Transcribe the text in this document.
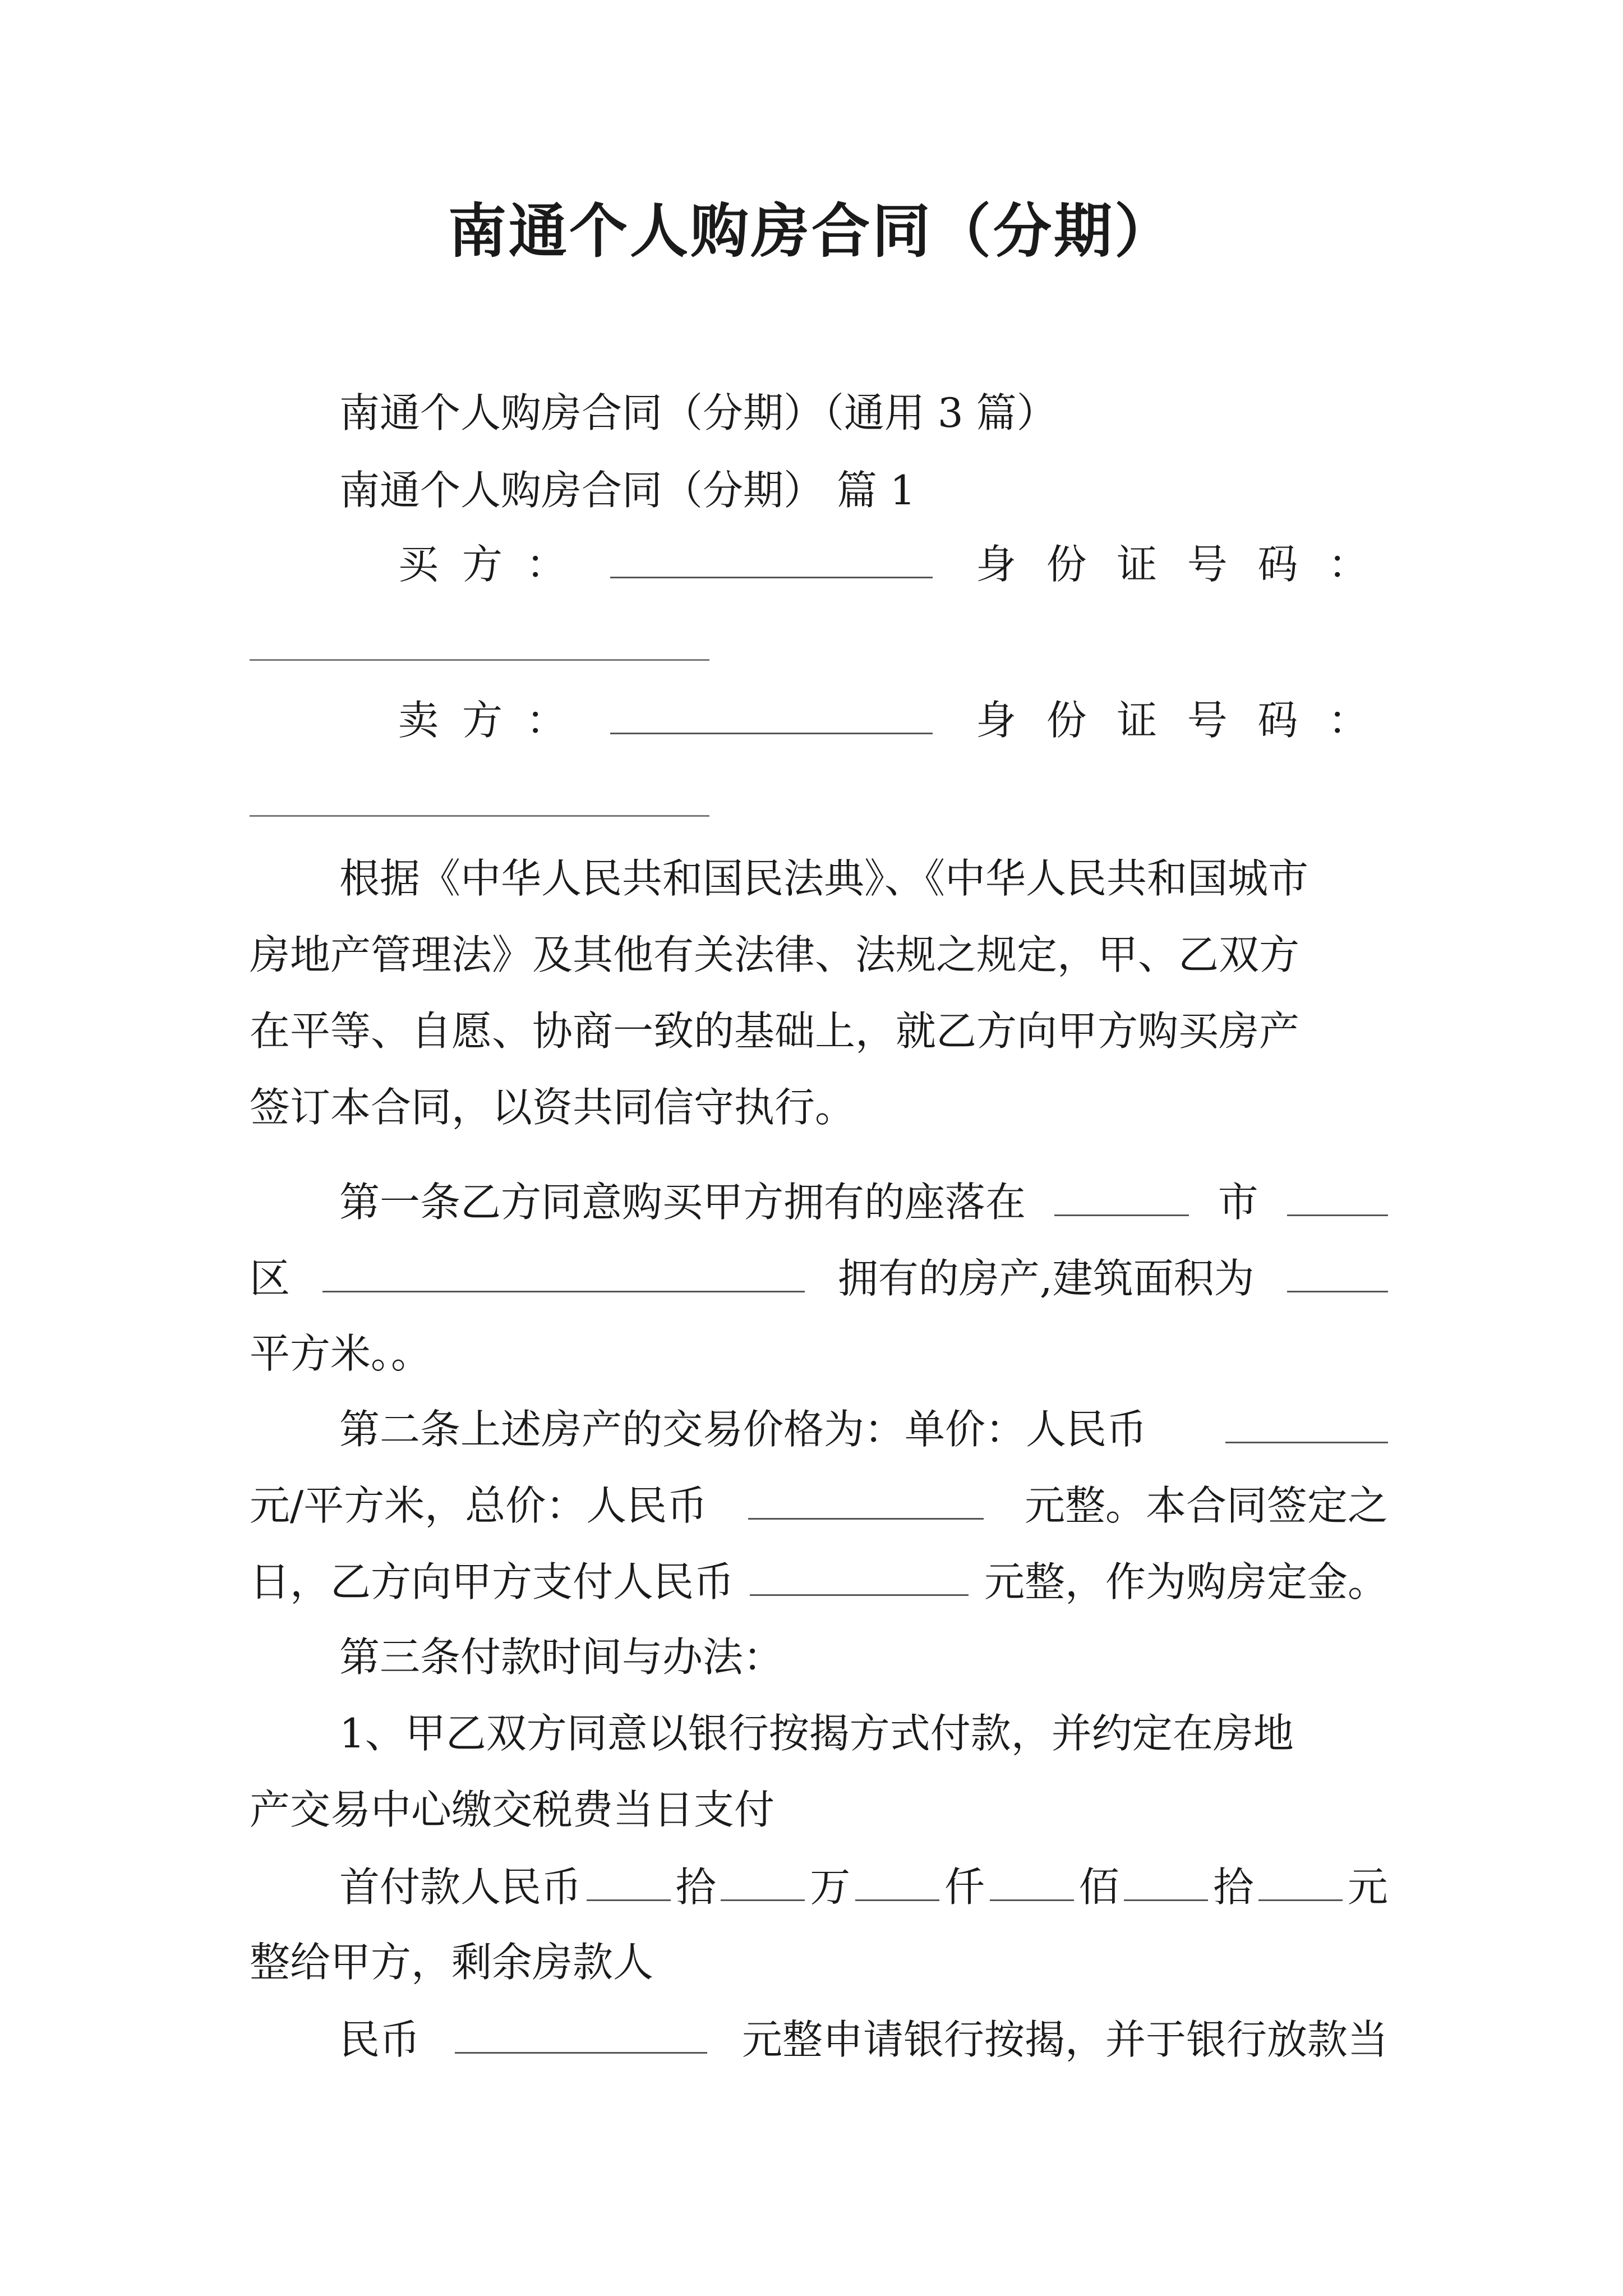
南通个人购房合同（分期）
南通个人购房合同（分期）（通用 3 篇）
南通个人购房合同（分期） 篇 1
买 方 ：	身 份 证 号 码 ：
卖 方 ：	身 份 证 号 码 ：
根据《中华人民共和国民法典》、《中华人民共和国城市
房地产管理法》及其他有关法律、法规之规定，甲、乙双方
在平等、自愿、协商一致的基础上，就乙方向甲方购买房产
签订本合同，以资共同信守执行。
第一条乙方同意购买甲方拥有的座落在	市
区	拥有的房产,建筑面积为
平方米。。
第二条上述房产的交易价格为：单价：人民币
元/平方米，总价：人民币	元整。本合同签定之
日，乙方向甲方支付人民币	元整，作为购房定金。
第三条付款时间与办法：
1、甲乙双方同意以银行按揭方式付款，并约定在房地
产交易中心缴交税费当日支付
首付款人民币 拾 万 仟 佰 拾 元
整给甲方，剩余房款人
民币	元整申请银行按揭，并于银行放款当
